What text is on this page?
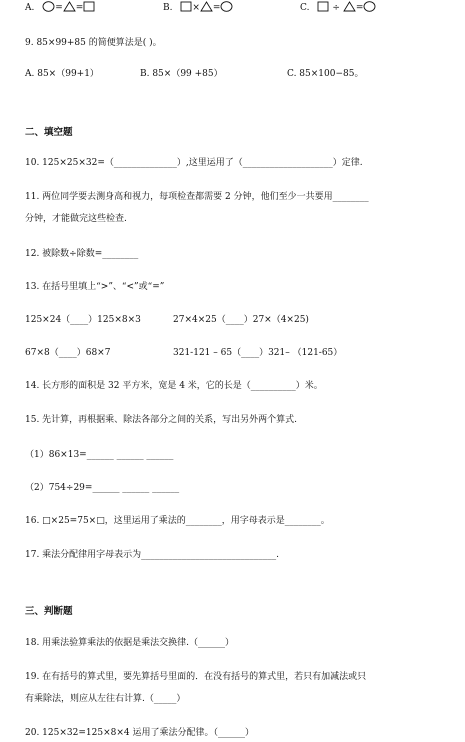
A. = =	B. × =	C.	÷ =
9. 85×99+85 的简便算法是( )。
A. 85×（99+1）	B. 85×（99 +85）	C. 85×100−85。
二、填空题
10. 125×25×32=（______________）,这里运用了（____________________）定律.
11. 两位同学要去测身高和视力，每项检查都需要 2 分钟，他们至少一共要用________
分钟，才能做完这些检查.
12. 被除数÷除数=________
13. 在括号里填上“>”、“<”或“=”
125×24（____）125×8×3	27×4×25（____）27×（4×25)
67×8（____）68×7	321-121 – 65（____）321– （121-65）
14. 长方形的面积是 32 平方米，宽是 4 米，它的长是（__________）米。
15. 先计算，再根据乘、除法各部分之间的关系，写出另外两个算式.
（1）86×13=______ ______ ______
（2）754÷29=______ ______ ______
16. □×25=75×□，这里运用了乘法的________，用字母表示是________。
17. 乘法分配律用字母表示为______________________________.
三、判断题
18. 用乘法验算乘法的依据是乘法交换律.（______）
19. 在有括号的算式里，要先算括号里面的．在没有括号的算式里，若只有加减法或只
有乘除法，则应从左往右计算.（_____）
20. 125×32=125×8×4 运用了乘法分配律。（______）
